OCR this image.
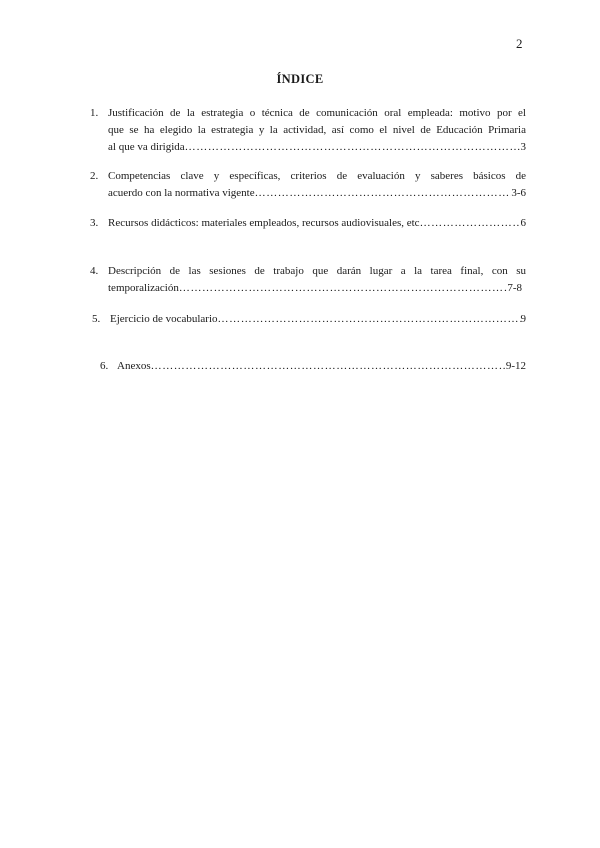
2
ÍNDICE
1. Justificación de la estrategia o técnica de comunicación oral empleada: motivo por el
que se ha elegido la estrategia y la actividad, así como el nivel de Educación Primaria
al que va dirigida ……………………………………………………………………………………………………………………………………………………………………………………	3
2. Competencias clave y específicas, criterios de evaluación y saberes básicos de
acuerdo con la normativa vigente ……………………………………………………………………………………………………………………………………………………………………………………	3-6
3. Recursos didácticos: materiales empleados, recursos audiovisuales, etc ……………………………………………………………………………………………………………………………………………………………………………………	6
4. Descripción de las sesiones de trabajo que darán lugar a la tarea final, con su
temporalización ……………………………………………………………………………………………………………………………………………………………………………………	7-8
5. Ejercicio de vocabulario ……………………………………………………………………………………………………………………………………………………………………………………	9
6. Anexos ……………………………………………………………………………………………………………………………………………………………………………………	9-12
